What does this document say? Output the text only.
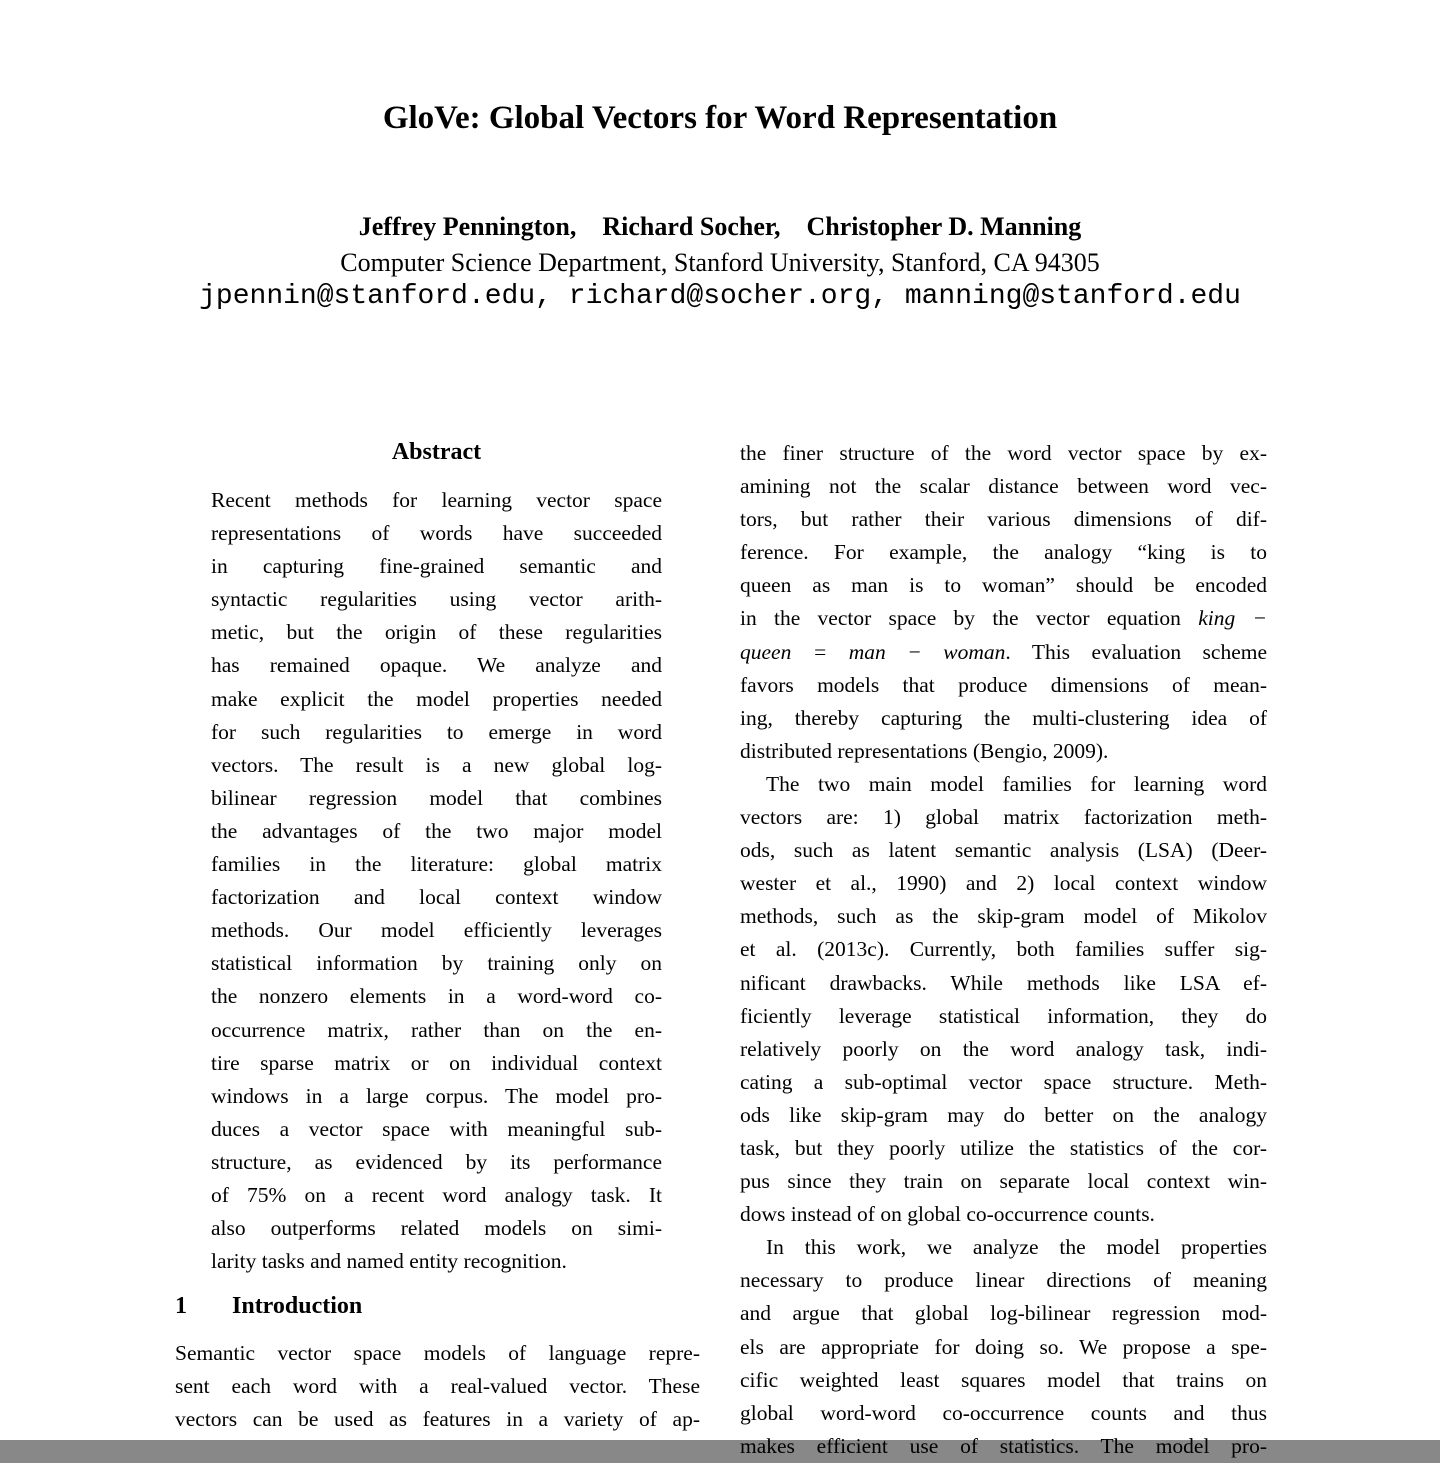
GloVe: Global Vectors for Word Representation
Jeffrey Pennington, Richard Socher, Christopher D. Manning
Computer Science Department, Stanford University, Stanford, CA 94305
jpennin@stanford.edu, richard@socher.org, manning@stanford.edu
Abstract
Recent methods for learning vector space
representations of words have succeeded
in capturing fine-grained semantic and
syntactic regularities using vector arith-
metic, but the origin of these regularities
has remained opaque. We analyze and
make explicit the model properties needed
for such regularities to emerge in word
vectors. The result is a new global log-
bilinear regression model that combines
the advantages of the two major model
families in the literature: global matrix
factorization and local context window
methods. Our model efficiently leverages
statistical information by training only on
the nonzero elements in a word-word co-
occurrence matrix, rather than on the en-
tire sparse matrix or on individual context
windows in a large corpus. The model pro-
duces a vector space with meaningful sub-
structure, as evidenced by its performance
of 75% on a recent word analogy task. It
also outperforms related models on simi-
larity tasks and named entity recognition.
1 Introduction
Semantic vector space models of language repre-
sent each word with a real-valued vector. These
vectors can be used as features in a variety of ap-
the finer structure of the word vector space by ex-
amining not the scalar distance between word vec-
tors, but rather their various dimensions of dif-
ference. For example, the analogy “king is to
queen as man is to woman” should be encoded
in the vector space by the vector equation king −
queen = man − woman. This evaluation scheme
favors models that produce dimensions of mean-
ing, thereby capturing the multi-clustering idea of
distributed representations (Bengio, 2009).
The two main model families for learning word
vectors are: 1) global matrix factorization meth-
ods, such as latent semantic analysis (LSA) (Deer-
wester et al., 1990) and 2) local context window
methods, such as the skip-gram model of Mikolov
et al. (2013c). Currently, both families suffer sig-
nificant drawbacks. While methods like LSA ef-
ficiently leverage statistical information, they do
relatively poorly on the word analogy task, indi-
cating a sub-optimal vector space structure. Meth-
ods like skip-gram may do better on the analogy
task, but they poorly utilize the statistics of the cor-
pus since they train on separate local context win-
dows instead of on global co-occurrence counts.
In this work, we analyze the model properties
necessary to produce linear directions of meaning
and argue that global log-bilinear regression mod-
els are appropriate for doing so. We propose a spe-
cific weighted least squares model that trains on
global word-word co-occurrence counts and thus
makes efficient use of statistics. The model pro-
